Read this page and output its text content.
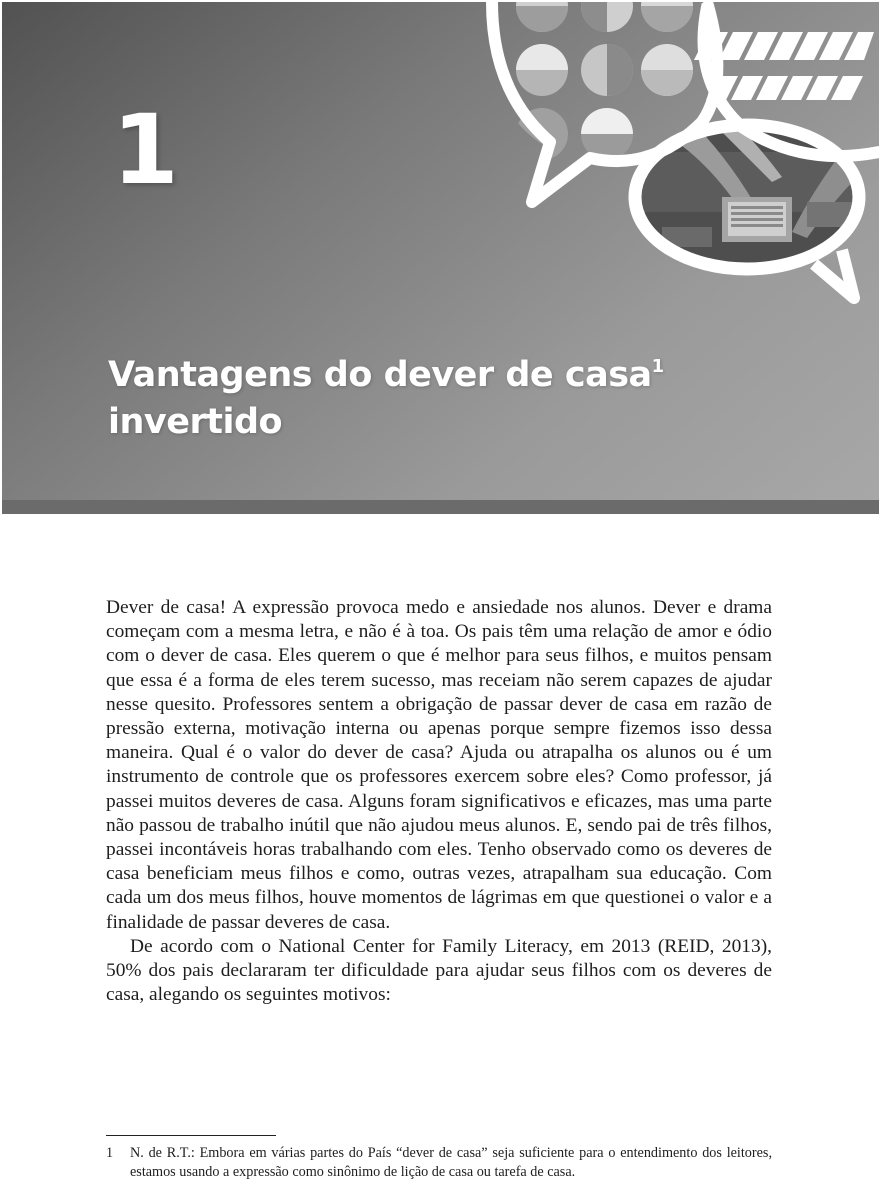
1
Vantagens do dever de casa$^1$
invertido

Dever de casa! A expressão provoca medo e ansiedade nos alunos. Dever e drama começam com a mesma letra, e não é à toa. Os pais têm uma relação de amor e ódio com o dever de casa. Eles querem o que é melhor para seus filhos, e muitos pensam que essa é a forma de eles terem sucesso, mas receiam não serem capazes de ajudar nesse quesito. Professores sentem a obrigação de passar dever de casa em razão de pressão externa, motivação interna ou apenas porque sempre fizemos isso dessa maneira. Qual é o valor do dever de casa? Ajuda ou atrapalha os alunos ou é um instrumento de controle que os professores exercem sobre eles? Como professor, já passei muitos deveres de casa. Alguns foram significativos e eficazes, mas uma parte não passou de trabalho inútil que não ajudou meus alunos. E, sendo pai de três filhos, passei incontáveis horas trabalhando com eles. Tenho observado como os deveres de casa beneficiam meus filhos e como, outras vezes, atrapalham sua educação. Com cada um dos meus filhos, houve momentos de lágrimas em que questionei o valor e a finalidade de passar deveres de casa.

De acordo com o National Center for Family Literacy, em 2013 (REID, 2013), 50% dos pais declararam ter dificuldade para ajudar seus filhos com os deveres de casa, alegando os seguintes motivos:

1 N. de R.T.: Embora em várias partes do País “dever de casa” seja suficiente para o entendimento dos leitores, estamos usando a expressão como sinônimo de lição de casa ou tarefa de casa.
